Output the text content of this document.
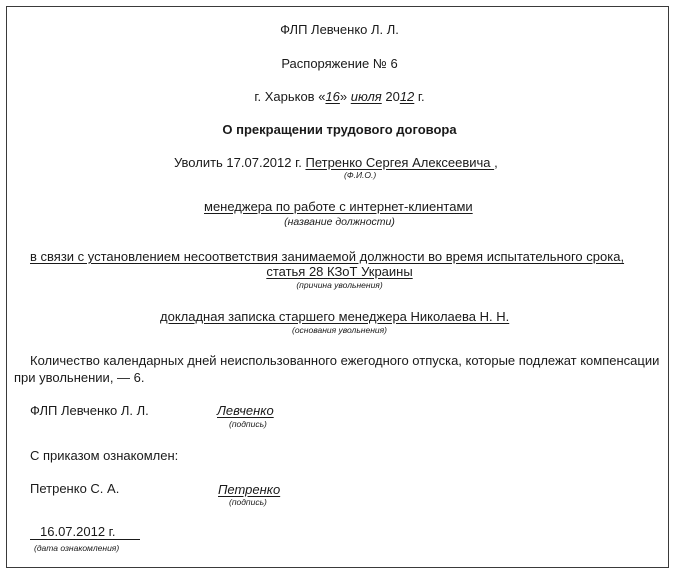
ФЛП Левченко Л. Л.
Распоряжение № 6
г. Харьков «16» июля 2012 г.
О прекращении трудового договора
Уволить 17.07.2012 г. Петренко Сергея Алексеевича ,
(Ф.И.О.)
менеджера по работе с интернет-клиентами
(название должности)
в связи с установлением несоответствия занимаемой должности во время испытательного срока,
статья 28 КЗоТ Украины
(причина увольнения)
докладная записка старшего менеджера Николаева Н. Н.
(основания увольнения)
Количество календарных дней неиспользованного ежегодного отпуска, которые подлежат компенсации
при увольнении, — 6.
ФЛП Левченко Л. Л.	Левченко
(подпись)
С приказом ознакомлен:
Петренко С. А.	Петренко
(подпись)
16.07.2012 г.
(дата ознакомления)
